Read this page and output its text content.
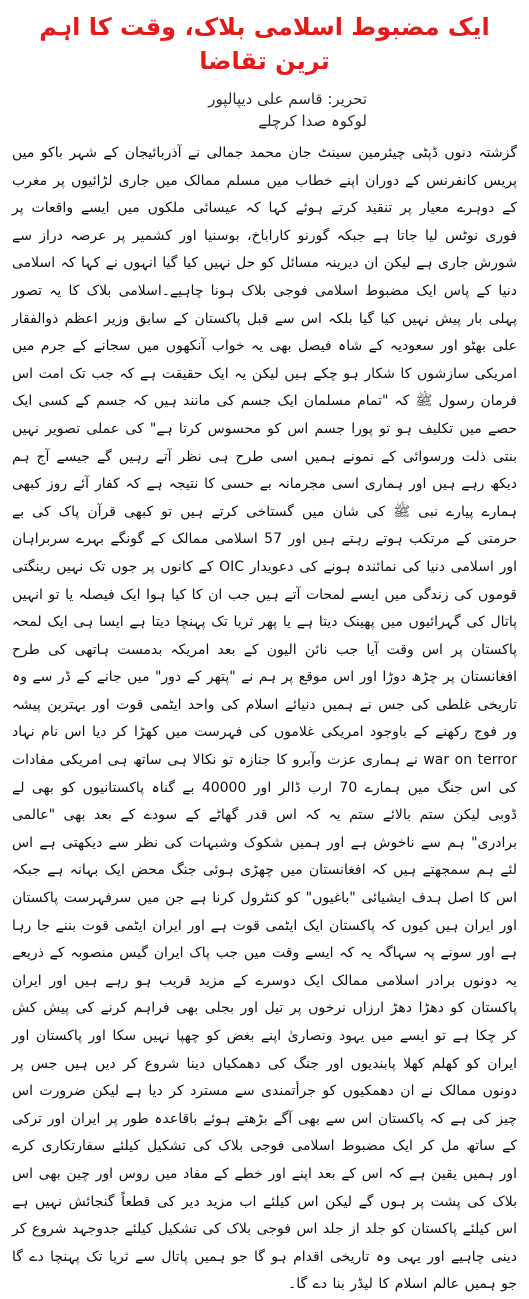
ایک مضبوط اسلامی بلاک، وقت کا اہم ترین تقاضا

تحریر: قاسم علی دیپالپور

لوکوہ صدا کرچلے

گزشتہ دنوں ڈپٹی چیئرمین سینٹ جان محمد جمالی نے آذربائیجان کے شہر باکو میں پریس کانفرنس کے دوران اپنے خطاب میں مسلم ممالک میں جاری لڑائیوں پر مغرب کے دوہرے معیار پر تنقید کرتے ہوئے کہا کہ عیسائی ملکوں میں ایسے واقعات پر فوری نوٹس لیا جاتا ہے جبکہ گورنو کاراباخ، بوسنیا اور کشمیر پر عرصہ دراز سے شورش جاری ہے لیکن ان دیرینہ مسائل کو حل نہیں کیا گیا انہوں نے کہا کہ اسلامی دنیا کے پاس ایک مضبوط اسلامی فوجی بلاک ہونا چاہیے۔اسلامی بلاک کا یہ تصور پہلی بار پیش نہیں کیا گیا بلکہ اس سے قبل پاکستان کے سابق وزیر اعظم ذوالفقار علی بھٹو اور سعودیہ کے شاہ فیصل بھی یہ خواب آنکھوں میں سجانے کے جرم میں امریکی سازشوں کا شکار ہو چکے ہیں لیکن یہ ایک حقیقت ہے کہ جب تک امت اس فرمان رسول ﷺ کہ "تمام مسلمان ایک جسم کی مانند ہیں کہ جسم کے کسی ایک حصے میں تکلیف ہو تو پورا جسم اس کو محسوس کرتا ہے" کی عملی تصویر نہیں بنتی ذلت ورسوائی کے نمونے ہمیں اسی طرح ہی نظر آتے رہیں گے جیسے آج ہم دیکھ رہے ہیں اور ہماری اسی مجرمانہ بے حسی کا نتیجہ ہے کہ کفار آئے روز کبھی ہمارے پیارے نبی ﷺ کی شان میں گستاخی کرتے ہیں تو کبھی قرآن پاک کی بے حرمتی کے مرتکب ہوتے رہتے ہیں اور 57 اسلامی ممالک کے گونگے بہرے سربراہان اور اسلامی دنیا کی نمائندہ ہونے کی دعویدار OIC کے کانوں پر جوں تک نہیں رینگتی قوموں کی زندگی میں ایسے لمحات آتے ہیں جب ان کا کیا ہوا ایک فیصلہ یا تو انہیں پاتال کی گہرائیوں میں پھینک دیتا ہے یا پھر ثریا تک پہنچا دیتا ہے ایسا ہی ایک لمحہ پاکستان پر اس وقت آیا جب نائن الیون کے بعد امریکہ بدمست ہاتھی کی طرح افغانستان پر چڑھ دوڑا اور اس موقع پر ہم نے "پتھر کے دور" میں جانے کے ڈر سے وہ تاریخی غلطی کی جس نے ہمیں دنیائے اسلام کی واحد ایٹمی قوت اور بہترین پیشہ ور فوج رکھنے کے باوجود امریکی غلاموں کی فہرست میں کھڑا کر دیا اس نام نہاد war on terror نے ہماری عزت وآبرو کا جنازہ تو نکالا ہی ساتھ ہی امریکی مفادات کی اس جنگ میں ہمارے 70 ارب ڈالر اور 40000 بے گناہ پاکستانیوں کو بھی لے ڈوبی لیکن ستم بالائے ستم یہ کہ اس قدر گھاٹے کے سودے کے بعد بھی "عالمی برادری" ہم سے ناخوش ہے اور ہمیں شکوک وشبہات کی نظر سے دیکھتی ہے اس لئے ہم سمجھتے ہیں کہ افغانستان میں چھڑی ہوئی جنگ محض ایک بہانہ ہے جبکہ اس کا اصل ہدف ایشیائی "باغیوں" کو کنٹرول کرنا ہے جن میں سرفہرست پاکستان اور ایران ہیں کیوں کہ پاکستان ایک ایٹمی قوت ہے اور ایران ایٹمی قوت بننے جا رہا ہے اور سونے پہ سہاگہ یہ کہ ایسے وقت میں جب پاک ایران گیس منصوبہ کے ذریعے یہ دونوں برادر اسلامی ممالک ایک دوسرے کے مزید قریب ہو رہے ہیں اور ایران پاکستان کو دھڑا دھڑ ارزاں نرخوں پر تیل اور بجلی بھی فراہم کرنے کی پیش کش کر چکا ہے تو ایسے میں یہود ونصاریٰ اپنے بغض کو چھپا نہیں سکا اور پاکستان اور ایران کو کھلم کھلا پابندیوں اور جنگ کی دھمکیاں دینا شروع کر دیں ہیں جس پر دونوں ممالک نے ان دھمکیوں کو جرأتمندی سے مسترد کر دیا ہے لیکن ضرورت اس چیز کی ہے کہ پاکستان اس سے بھی آگے بڑھتے ہوئے باقاعدہ طور پر ایران اور ترکی کے ساتھ مل کر ایک مضبوط اسلامی فوجی بلاک کی تشکیل کیلئے سفارتکاری کرے اور ہمیں یقین ہے کہ اس کے بعد اپنے اور خطے کے مفاد میں روس اور چین بھی اس بلاک کی پشت پر ہوں گے لیکن اس کیلئے اب مزید دیر کی قطعاً گنجائش نہیں ہے اس کیلئے پاکستان کو جلد از جلد اس فوجی بلاک کی تشکیل کیلئے جدوجہد شروع کر دینی چاہیے اور یہی وہ تاریخی اقدام ہو گا جو ہمیں پاتال سے ثریا تک پہنچا دے گا جو ہمیں عالم اسلام کا لیڈر بنا دے گا۔
